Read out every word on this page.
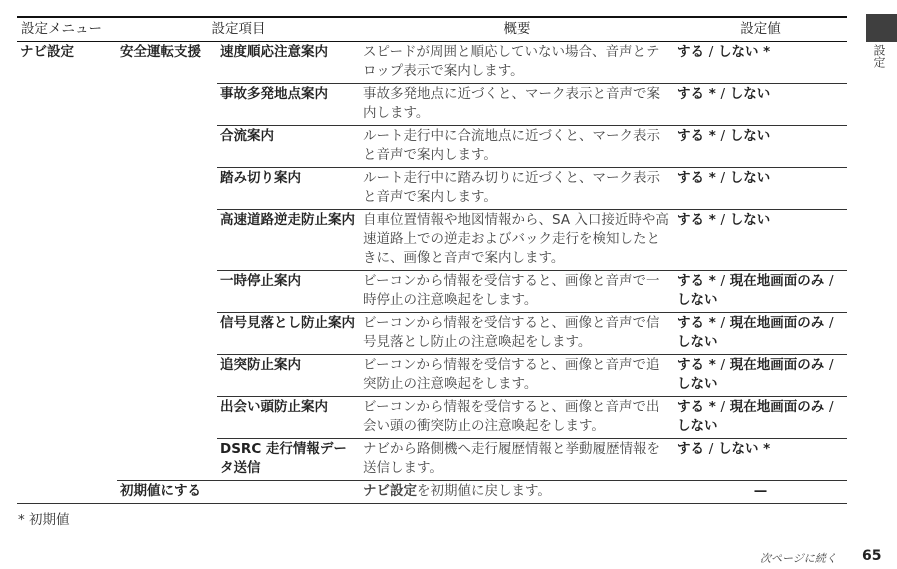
設定メニュー	設定項目		概要	設定値
ナビ設定	安全運転支援	速度順応注意案内	スピードが周囲と順応していない場合、音声とテロップ表示で案内します。	する / しない *
		事故多発地点案内	事故多発地点に近づくと、マーク表示と音声で案内します。	する * / しない
		合流案内	ルート走行中に合流地点に近づくと、マーク表示と音声で案内します。	する * / しない
		踏み切り案内	ルート走行中に踏み切りに近づくと、マーク表示と音声で案内します。	する * / しない
		高速道路逆走防止案内	自車位置情報や地図情報から、SA 入口接近時や高速道路上での逆走およびバック走行を検知したときに、画像と音声で案内します。	する * / しない
		一時停止案内	ビーコンから情報を受信すると、画像と音声で一時停止の注意喚起をします。	する * / 現在地画面のみ / しない
		信号見落とし防止案内	ビーコンから情報を受信すると、画像と音声で信号見落とし防止の注意喚起をします。	する * / 現在地画面のみ / しない
		追突防止案内	ビーコンから情報を受信すると、画像と音声で追突防止の注意喚起をします。	する * / 現在地画面のみ / しない
		出会い頭防止案内	ビーコンから情報を受信すると、画像と音声で出会い頭の衝突防止の注意喚起をします。	する * / 現在地画面のみ / しない
		DSRC 走行情報データ送信	ナビから路側機へ走行履歴情報と挙動履歴情報を送信します。	する / しない *
	初期値にする		ナビ設定を初期値に戻します。	—
設定
* 初期値
次ページに続く 65
